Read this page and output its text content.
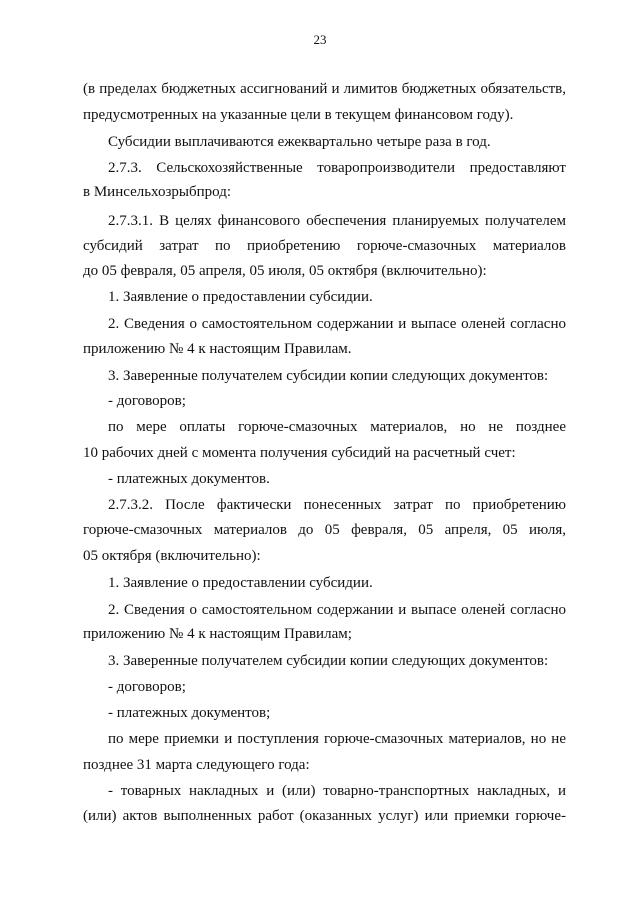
23
(в пределах бюджетных ассигнований и лимитов бюджетных обязательств,
предусмотренных на указанные цели в текущем финансовом году).
Субсидии выплачиваются ежеквартально четыре раза в год.
2.7.3. Сельскохозяйственные товаропроизводители предоставляют
в Минсельхозрыбпрод:
2.7.3.1. В целях финансового обеспечения планируемых получателем
субсидий затрат по приобретению горюче-смазочных материалов
до 05 февраля, 05 апреля, 05 июля, 05 октября (включительно):
1. Заявление о предоставлении субсидии.
2. Сведения о самостоятельном содержании и выпасе оленей согласно
приложению № 4 к настоящим Правилам.
3. Заверенные получателем субсидии копии следующих документов:
- договоров;
по мере оплаты горюче-смазочных материалов, но не позднее
10 рабочих дней с момента получения субсидий на расчетный счет:
- платежных документов.
2.7.3.2. После фактически понесенных затрат по приобретению
горюче-смазочных материалов до 05 февраля, 05 апреля, 05 июля,
05 октября (включительно):
1. Заявление о предоставлении субсидии.
2. Сведения о самостоятельном содержании и выпасе оленей согласно
приложению № 4 к настоящим Правилам;
3. Заверенные получателем субсидии копии следующих документов:
- договоров;
- платежных документов;
по мере приемки и поступления горюче-смазочных материалов, но не
позднее 31 марта следующего года:
- товарных накладных и (или) товарно-транспортных накладных, и
(или) актов выполненных работ (оказанных услуг) или приемки горюче-
